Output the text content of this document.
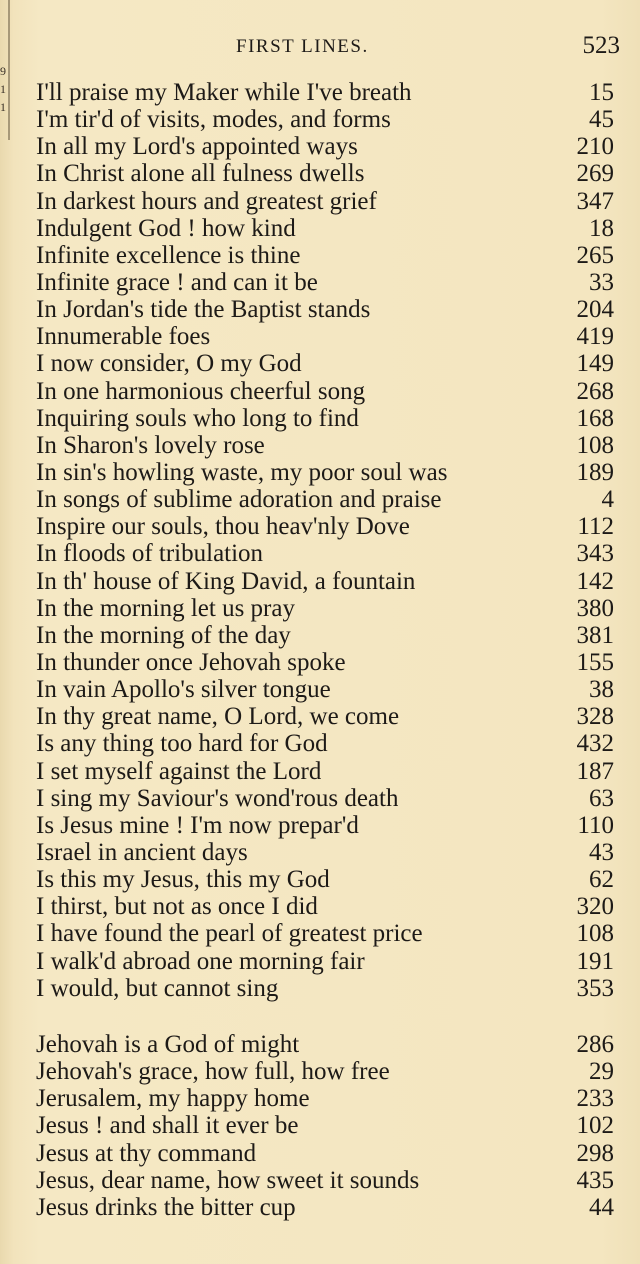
9
1
1
FIRST LINES.	523
I'll praise my Maker while I've breath	15
I'm tir'd of visits, modes, and forms	45
In all my Lord's appointed ways	210
In Christ alone all fulness dwells	269
In darkest hours and greatest grief	347
Indulgent God ! how kind	18
Infinite excellence is thine	265
Infinite grace ! and can it be	33
In Jordan's tide the Baptist stands	204
Innumerable foes	419
I now consider, O my God	149
In one harmonious cheerful song	268
Inquiring souls who long to find	168
In Sharon's lovely rose	108
In sin's howling waste, my poor soul was	189
In songs of sublime adoration and praise	4
Inspire our souls, thou heav'nly Dove	112
In floods of tribulation	343
In th' house of King David, a fountain	142
In the morning let us pray	380
In the morning of the day	381
In thunder once Jehovah spoke	155
In vain Apollo's silver tongue	38
In thy great name, O Lord, we come	328
Is any thing too hard for God	432
I set myself against the Lord	187
I sing my Saviour's wond'rous death	63
Is Jesus mine ! I'm now prepar'd	110
Israel in ancient days	43
Is this my Jesus, this my God	62
I thirst, but not as once I did	320
I have found the pearl of greatest price	108
I walk'd abroad one morning fair	191
I would, but cannot sing	353
Jehovah is a God of might	286
Jehovah's grace, how full, how free	29
Jerusalem, my happy home	233
Jesus ! and shall it ever be	102
Jesus at thy command	298
Jesus, dear name, how sweet it sounds	435
Jesus drinks the bitter cup	44
